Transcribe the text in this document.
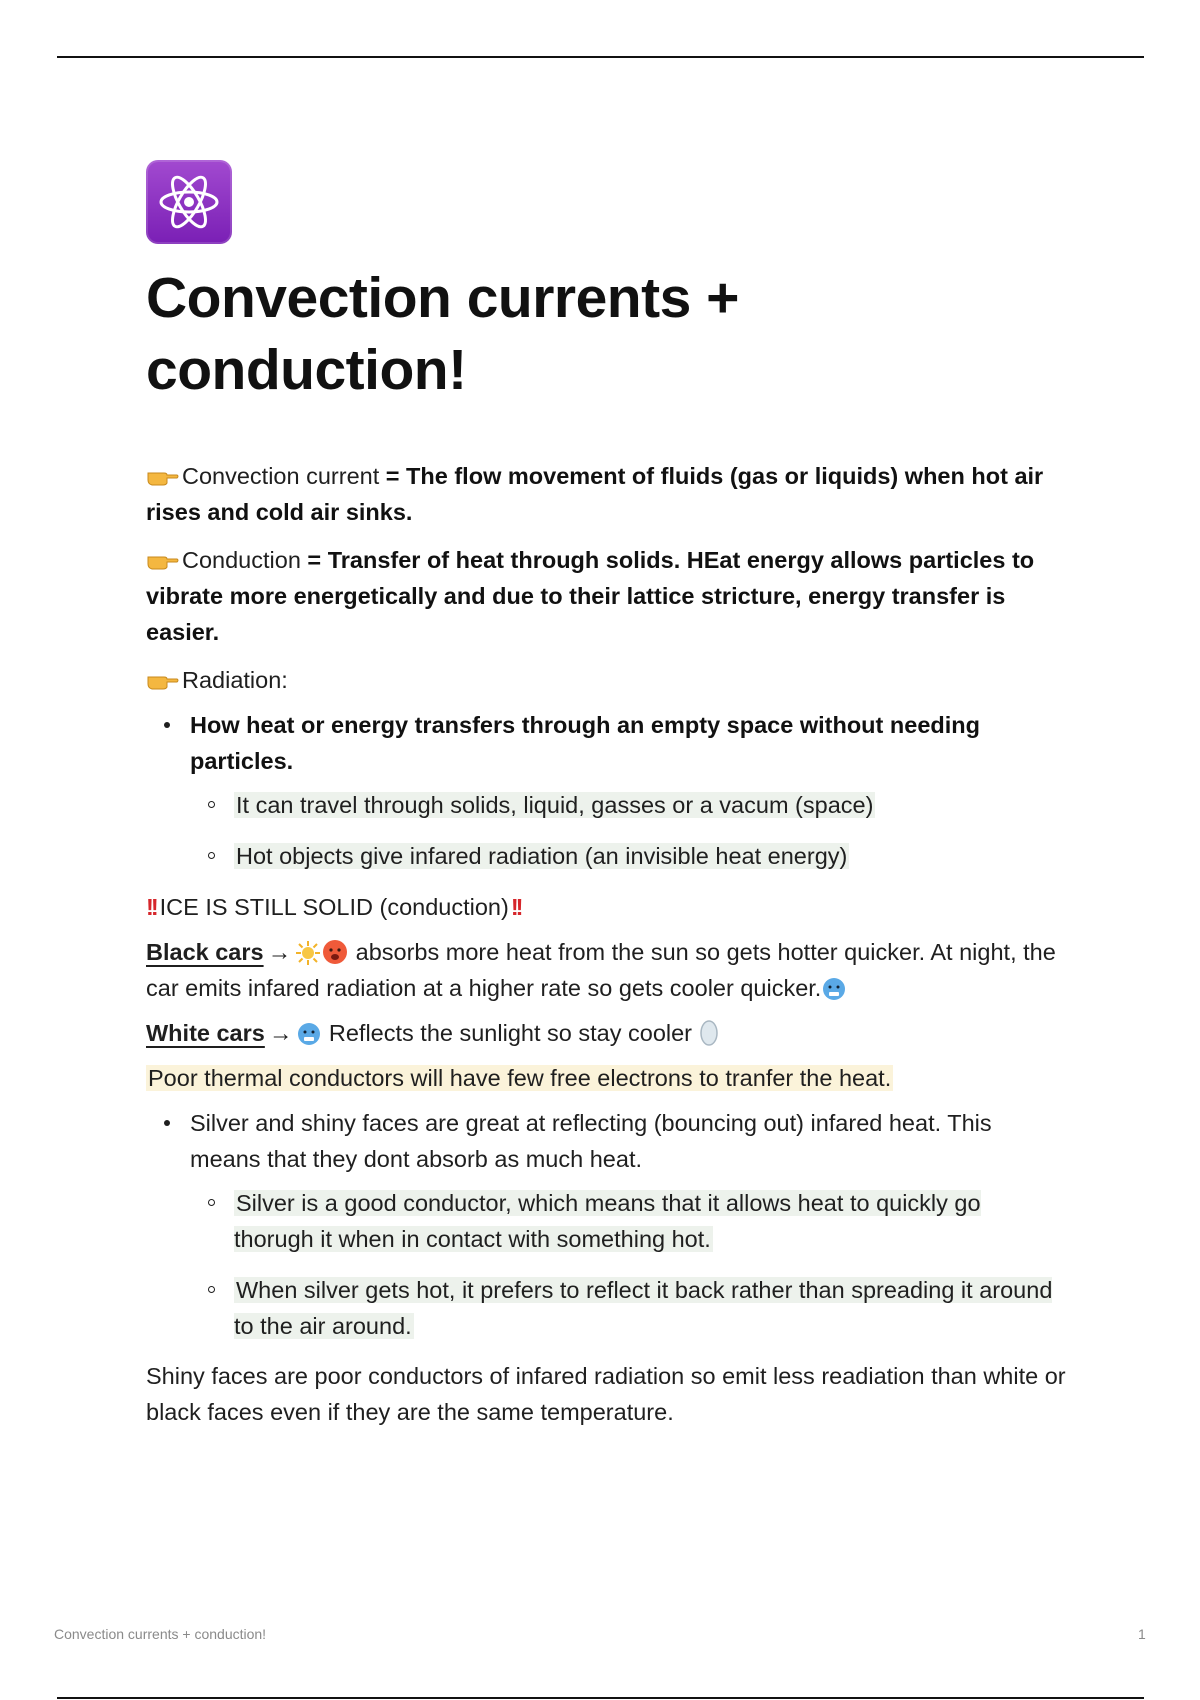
Convection currents + conduction!

Convection current = The flow movement of fluids (gas or liquids) when hot air rises and cold air sinks.

Conduction = Transfer of heat through solids. HEat energy allows particles to vibrate more energetically and due to their lattice stricture, energy transfer is easier.

Radiation:

How heat or energy transfers through an empty space without needing particles.
It can travel through solids, liquid, gasses or a vacum (space)
Hot objects give infared radiation (an invisible heat energy)

!! ICE IS STILL SOLID (conduction)!!

Black cars → absorbs more heat from the sun so gets hotter quicker. At night, the car emits infared radiation at a higher rate so gets cooler quicker.

White cars → Reflects the sunlight so stay cooler

Poor thermal conductors will have few free electrons to tranfer the heat.

Silver and shiny faces are great at reflecting (bouncing out) infared heat. This means that they dont absorb as much heat.
Silver is a good conductor, which means that it allows heat to quickly go thorugh it when in contact with something hot.
When silver gets hot, it prefers to reflect it back rather than spreading it around to the air around.

Shiny faces are poor conductors of infared radiation so emit less readiation than white or black faces even if they are the same temperature.

Convection currents + conduction!	1
